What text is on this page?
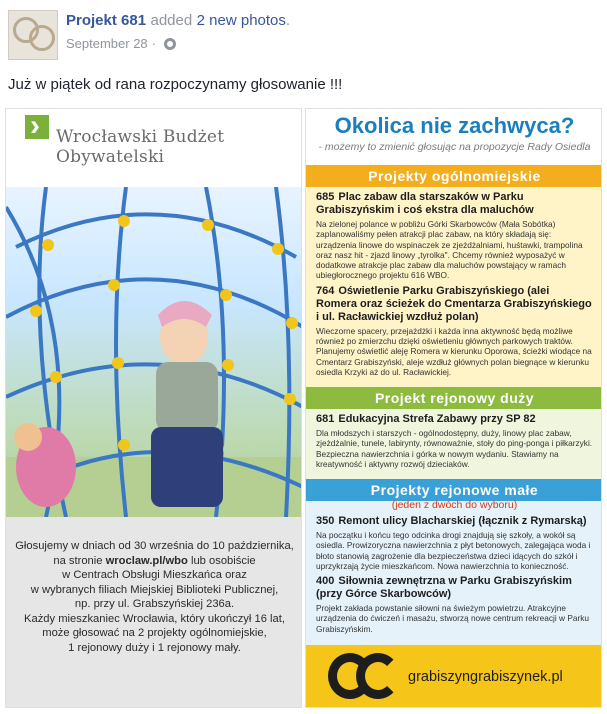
Projekt 681 added 2 new photos.
September 28 ·
Już w piątek od rana rozpoczynamy głosowanie !!!
›
Wrocławski Budżet Obywatelski
Głosujemy w dniach od 30 września do 10 października,
na stronie wroclaw.pl/wbo lub osobiście
w Centrach Obsługi Mieszkańca oraz
w wybranych filiach Miejskiej Biblioteki Publicznej,
np. przy ul. Grabszyńskiej 236a.
Każdy mieszkaniec Wrocławia, który ukończył 16 lat,
może głosować na 2 projekty ogólnomiejskie,
1 rejonowy duży i 1 rejonowy mały.
Okolica nie zachwyca?
- możemy to zmienić głosując na propozycje Rady Osiedla
Projekty ogólnomiejskie
685 Plac zabaw dla starszaków w Parku Grabiszyńskim i coś ekstra dla maluchów
Na zielonej polance w pobliżu Górki Skarbowców (Mała Sobótka) zaplanowaliśmy pełen atrakcji plac zabaw, na który składają się: urządzenia linowe do wspinaczek ze zjeżdżalniami, huśtawki, trampolina oraz nasz hit - zjazd linowy „tyrolka". Chcemy również wyposażyć w dodatkowe atrakcje plac zabaw dla maluchów powstający w ramach ubiegłorocznego projektu 616 WBO.
764 Oświetlenie Parku Grabiszyńskiego (alei Romera oraz ścieżek do Cmentarza Grabiszyńskiego i ul. Racławickiej wzdłuż polan)
Wieczorne spacery, przejażdżki i każda inna aktywność będą możliwe również po zmierzchu dzięki oświetleniu głównych parkowych traktów. Planujemy oświetlić aleję Romera w kierunku Oporowa, ścieżki wiodące na Cmentarz Grabiszyński, aleje wzdłuż głównych polan biegnące w kierunku osiedla Krzyki aż do ul. Racławickiej.
Projekt rejonowy duży
681 Edukacyjna Strefa Zabawy przy SP 82
Dla młodszych i starszych - ogólnodostępny, duży, linowy plac zabaw, zjeżdżalnie, tunele, labirynty, równoważnie, stoły do ping-ponga i piłkarzyki. Bezpieczna nawierzchnia i górka w nowym wydaniu. Stawiamy na kreatywność i aktywny rozwój dzieciaków.
Projekty rejonowe małe
(jeden z dwóch do wyboru)
350 Remont ulicy Blacharskiej (łącznik z Rymarską)
Na początku i końcu tego odcinka drogi znajdują się szkoły, a wokół są osiedla. Prowizoryczna nawierzchnia z płyt betonowych, zalegająca woda i błoto stanowią zagrożenie dla bezpieczeństwa dzieci idących do szkół i uprzykrzają życie mieszkańcom. Nowa nawierzchnia to konieczność.
400 Siłownia zewnętrzna w Parku Grabiszyńskim (przy Górce Skarbowców)
Projekt zakłada powstanie siłowni na świeżym powietrzu. Atrakcyjne urządzenia do ćwiczeń i masażu, stworzą nowe centrum rekreacji w Parku Grabiszyńskim.
grabiszyngrabiszynek.pl
